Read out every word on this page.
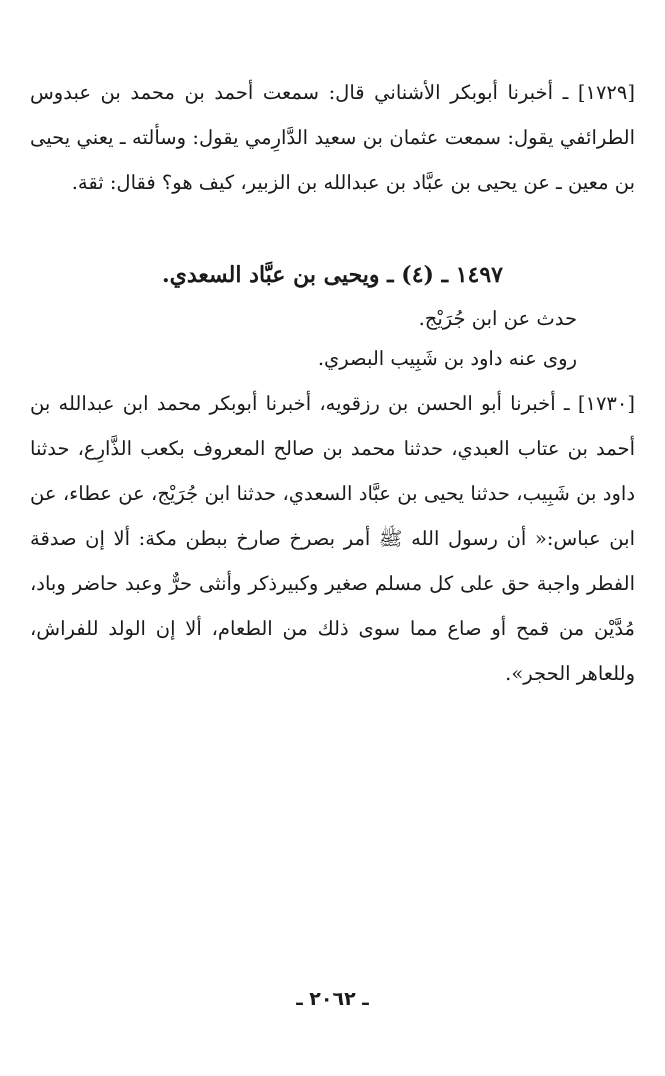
[١٧٢٩] ـ أخبرنا أبوبكر الأشناني قال: سمعت أحمد بن محمد بن عبدوس الطرائفي يقول: سمعت عثمان بن سعيد الدَّارِمي يقول: وسألته ـ يعني يحيى بن معين ـ عن يحيى بن عبَّاد بن عبدالله بن الزبير، كيف هو؟ فقال: ثقة.

١٤٩٧ ـ (٤) ـ ويحيى بن عبَّاد السعدي.

حدث عن ابن جُرَيْج.

روى عنه داود بن شَبِيب البصري.

[١٧٣٠] ـ أخبرنا أبو الحسن بن رزقويه، أخبرنا أبوبكر محمد ابن عبدالله بن أحمد بن عتاب العبدي، حدثنا محمد بن صالح المعروف بكعب الذَّارِع، حدثنا داود بن شَبِيب، حدثنا يحيى بن عبَّاد السعدي، حدثنا ابن جُرَيْج، عن عطاء، عن ابن عباس:« أن رسول الله ﷺ أمر بصرخ صارخ ببطن مكة: ألا إن صدقة الفطر واجبة حق على كل مسلم صغير وكبيرذكر وأنثى حرٌّ وعبد حاضر وباد، مُدَّيْن من قمح أو صاع مما سوى ذلك من الطعام، ألا إن الولد للفراش، وللعاهر الحجر».

ـ ٢٠٦٢ ـ
